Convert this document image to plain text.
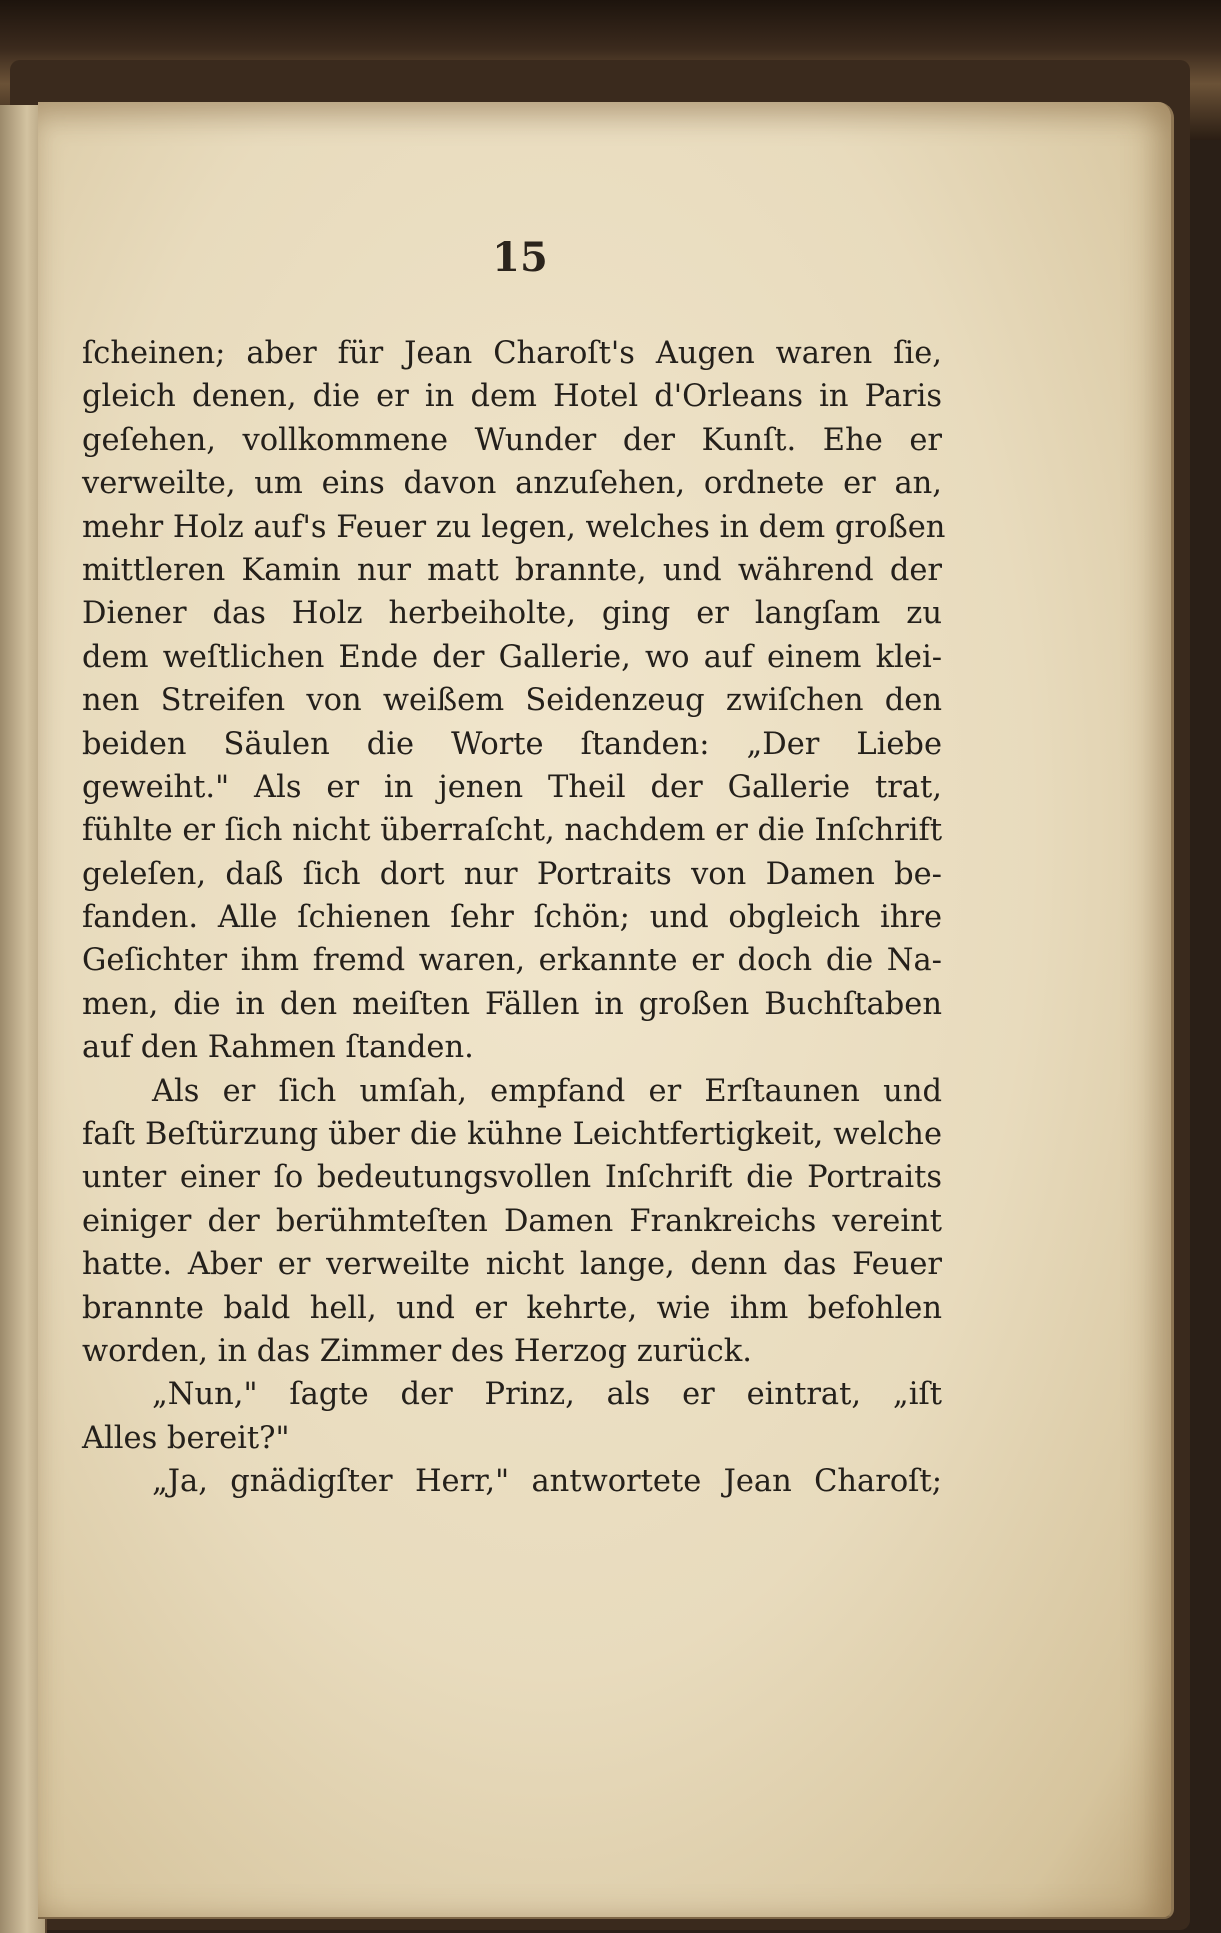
15
ſcheinen; aber für Jean Charoſt's Augen waren ſie,
gleich denen, die er in dem Hotel d'Orleans in Paris
geſehen, vollkommene Wunder der Kunſt. Ehe er
verweilte, um eins davon anzuſehen, ordnete er an,
mehr Holz auf's Feuer zu legen, welches in dem großen
mittleren Kamin nur matt brannte, und während der
Diener das Holz herbeiholte, ging er langſam zu
dem weſtlichen Ende der Gallerie, wo auf einem klei-
nen Streifen von weißem Seidenzeug zwiſchen den
beiden Säulen die Worte ſtanden: „Der Liebe
geweiht." Als er in jenen Theil der Gallerie trat,
fühlte er ſich nicht überraſcht, nachdem er die Inſchrift
geleſen, daß ſich dort nur Portraits von Damen be-
fanden. Alle ſchienen ſehr ſchön; und obgleich ihre
Geſichter ihm fremd waren, erkannte er doch die Na-
men, die in den meiſten Fällen in großen Buchſtaben
auf den Rahmen ſtanden.
Als er ſich umſah, empfand er Erſtaunen und
faſt Beſtürzung über die kühne Leichtfertigkeit, welche
unter einer ſo bedeutungsvollen Inſchrift die Portraits
einiger der berühmteſten Damen Frankreichs vereint
hatte. Aber er verweilte nicht lange, denn das Feuer
brannte bald hell, und er kehrte, wie ihm befohlen
worden, in das Zimmer des Herzog zurück.
„Nun," ſagte der Prinz, als er eintrat, „iſt
Alles bereit?"
„Ja, gnädigſter Herr," antwortete Jean Charoſt;
